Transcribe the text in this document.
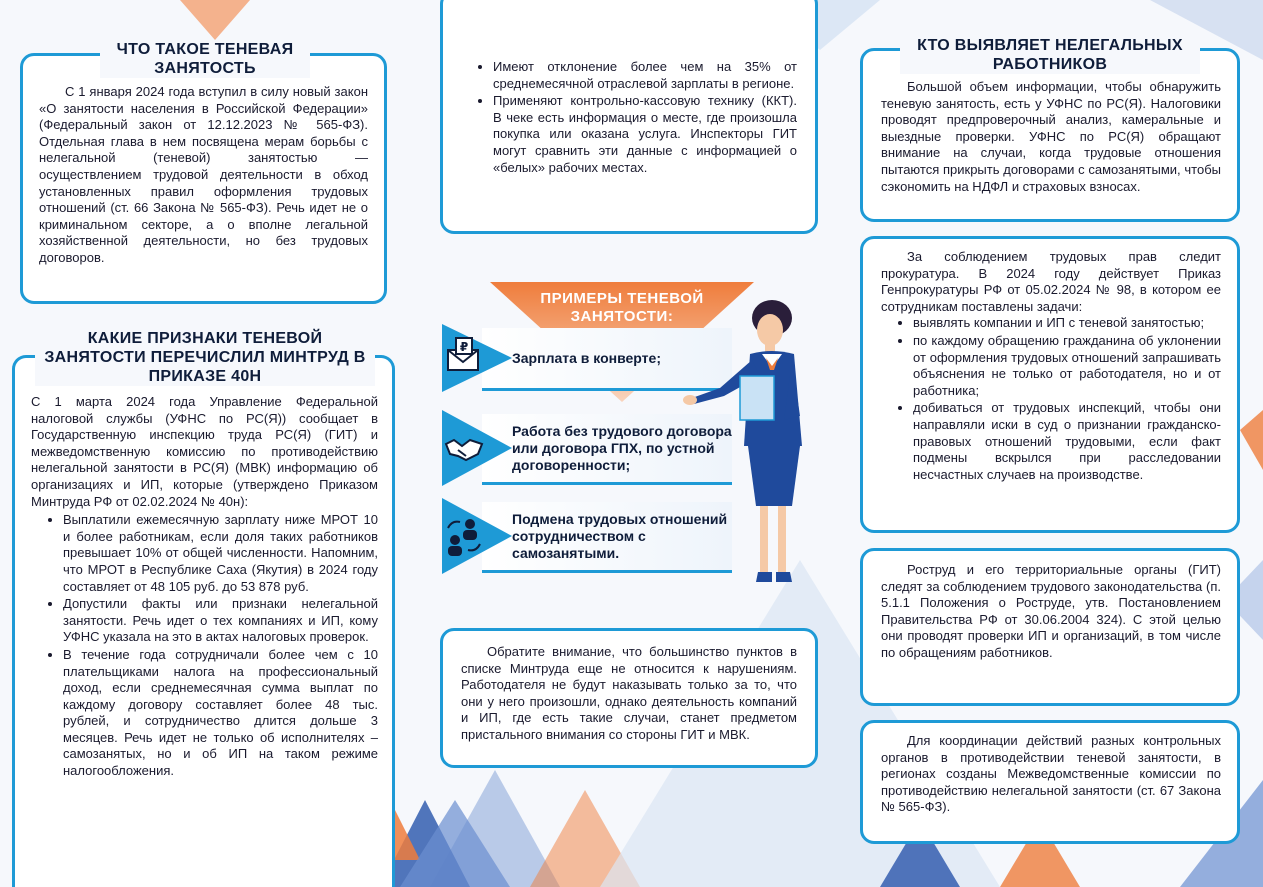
ЧТО ТАКОЕ ТЕНЕВАЯ ЗАНЯТОСТЬ

С 1 января 2024 года вступил в силу новый закон «О занятости населения в Российской Федерации» (Федеральный закон от 12.12.2023 № 565-ФЗ). Отдельная глава в нем посвящена мерам борьбы с нелегальной (теневой) занятостью — осуществлением трудовой деятельности в обход установленных правил оформления трудовых отношений (ст. 66 Закона № 565-ФЗ). Речь идет не о криминальном секторе, а о вполне легальной хозяйственной деятельности, но без трудовых договоров.

КАКИЕ ПРИЗНАКИ ТЕНЕВОЙ ЗАНЯТОСТИ ПЕРЕЧИСЛИЛ МИНТРУД В ПРИКАЗЕ 40Н

С 1 марта 2024 года Управление Федеральной налоговой службы (УФНС по РС(Я)) сообщает в Государственную инспекцию труда РС(Я) (ГИТ) и межведомственную комиссию по противодействию нелегальной занятости в РС(Я) (МВК) информацию об организациях и ИП, которые (утверждено Приказом Минтруда РФ от 02.02.2024 № 40н):

• Выплатили ежемесячную зарплату ниже МРОТ 10 и более работникам, если доля таких работников превышает 10% от общей численности. Напомним, что МРОТ в Республике Саха (Якутия) в 2024 году составляет от 48 105 руб. до 53 878 руб.
• Допустили факты или признаки нелегальной занятости. Речь идет о тех компаниях и ИП, кому УФНС указала на это в актах налоговых проверок.
• В течение года сотрудничали более чем с 10 плательщиками налога на профессиональный доход, если среднемесячная сумма выплат по каждому договору составляет более 48 тыс. рублей, и сотрудничество длится дольше 3 месяцев. Речь идет не только об исполнителях – самозанятых, но и об ИП на таком режиме налогообложения.
• Имеют отклонение более чем на 35% от среднемесячной отраслевой зарплаты в регионе.
• Применяют контрольно-кассовую технику (ККТ). В чеке есть информация о месте, где произошла покупка или оказана услуга. Инспекторы ГИТ могут сравнить эти данные с информацией о «белых» рабочих местах.
ПРИМЕРЫ ТЕНЕВОЙ ЗАНЯТОСТИ:
₽
Зарплата в конверте;
Работа без трудового договора или договора ГПХ, по устной договоренности;
Подмена трудовых отношений сотрудничеством с самозанятыми.

Обратите внимание, что большинство пунктов в списке Минтруда еще не относится к нарушениям. Работодателя не будут наказывать только за то, что они у него произошли, однако деятельность компаний и ИП, где есть такие случаи, станет предметом пристального внимания со стороны ГИТ и МВК.

КТО ВЫЯВЛЯЕТ НЕЛЕГАЛЬНЫХ РАБОТНИКОВ

Большой объем информации, чтобы обнаружить теневую занятость, есть у УФНС по РС(Я). Налоговики проводят предпроверочный анализ, камеральные и выездные проверки. УФНС по РС(Я) обращают внимание на случаи, когда трудовые отношения пытаются прикрыть договорами с самозанятыми, чтобы сэкономить на НДФЛ и страховых взносах.

За соблюдением трудовых прав следит прокуратура. В 2024 году действует Приказ Генпрокуратуры РФ от 05.02.2024 № 98, в котором ее сотрудникам поставлены задачи:

• выявлять компании и ИП с теневой занятостью;
• по каждому обращению гражданина об уклонении от оформления трудовых отношений запрашивать объяснения не только от работодателя, но и от работника;
• добиваться от трудовых инспекций, чтобы они направляли иски в суд о признании гражданско-правовых отношений трудовыми, если факт подмены вскрылся при расследовании несчастных случаев на производстве.

Роструд и его территориальные органы (ГИТ) следят за соблюдением трудового законодательства (п. 5.1.1 Положения о Роструде, утв. Постановлением Правительства РФ от 30.06.2004 324). С этой целью они проводят проверки ИП и организаций, в том числе по обращениям работников.

Для координации действий разных контрольных органов в противодействии теневой занятости, в регионах созданы Межведомственные комиссии по противодействию нелегальной занятости (ст. 67 Закона № 565-ФЗ).
